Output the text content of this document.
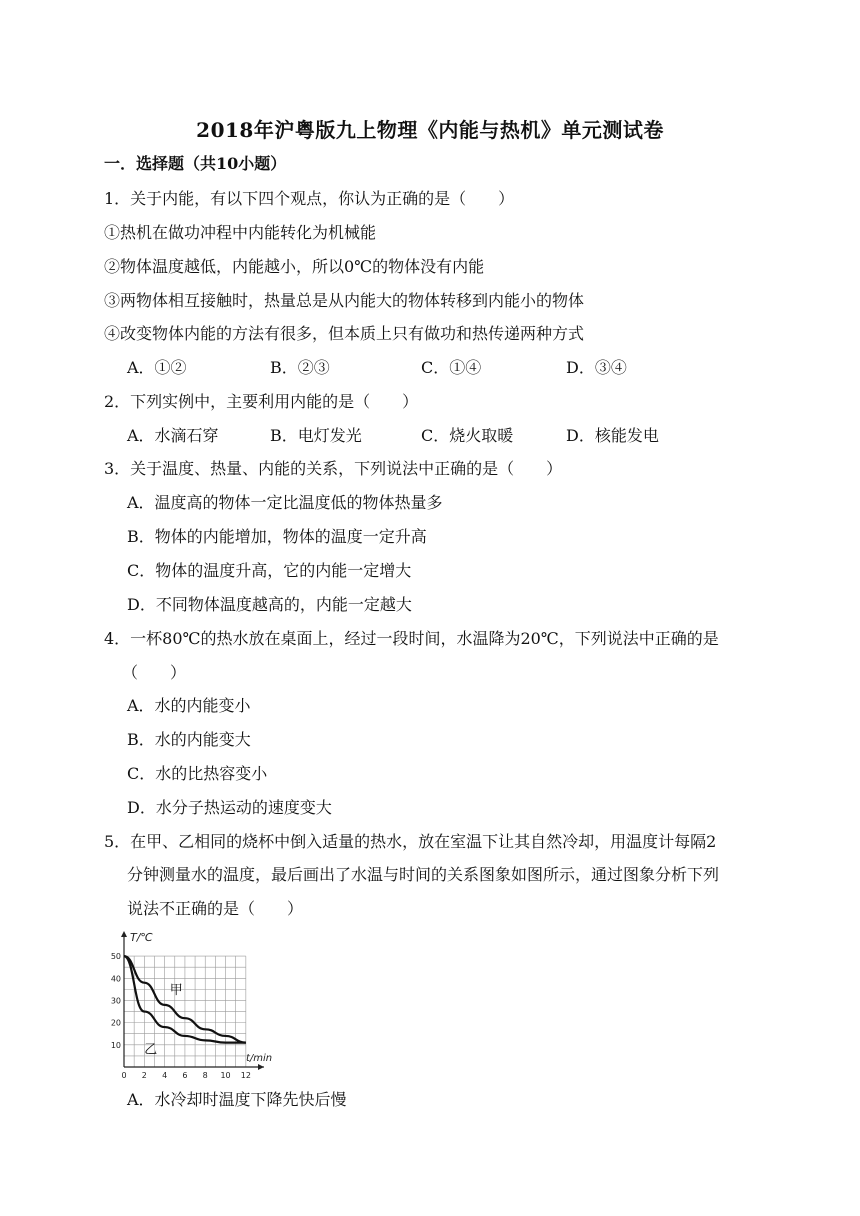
2018年沪粤版九上物理《内能与热机》单元测试卷
一．选择题（共10小题）
1．关于内能，有以下四个观点，你认为正确的是（　　）
①热机在做功冲程中内能转化为机械能
②物体温度越低，内能越小，所以0℃的物体没有内能
③两物体相互接触时，热量总是从内能大的物体转移到内能小的物体
④改变物体内能的方法有很多，但本质上只有做功和热传递两种方式
A．①②	B．②③	C．①④	D．③④
2．下列实例中，主要利用内能的是（　　）
A．水滴石穿	B．电灯发光	C．烧火取暖	D．核能发电
3．关于温度、热量、内能的关系，下列说法中正确的是（　　）
A．温度高的物体一定比温度低的物体热量多
B．物体的内能增加，物体的温度一定升高
C．物体的温度升高，它的内能一定增大
D．不同物体温度越高的，内能一定越大
4．一杯80℃的热水放在桌面上，经过一段时间，水温降为20℃，下列说法中正确的是
（　　）
A．水的内能变小
B．水的内能变大
C．水的比热容变小
D．水分子热运动的速度变大
5．在甲、乙相同的烧杯中倒入适量的热水，放在室温下让其自然冷却，用温度计每隔2
分钟测量水的温度，最后画出了水温与时间的关系图象如图所示，通过图象分析下列
说法不正确的是（　　）
T/℃
t/min
0 2 4 6 8 10 12
10
20
30
40
50
甲
乙
A．水冷却时温度下降先快后慢
